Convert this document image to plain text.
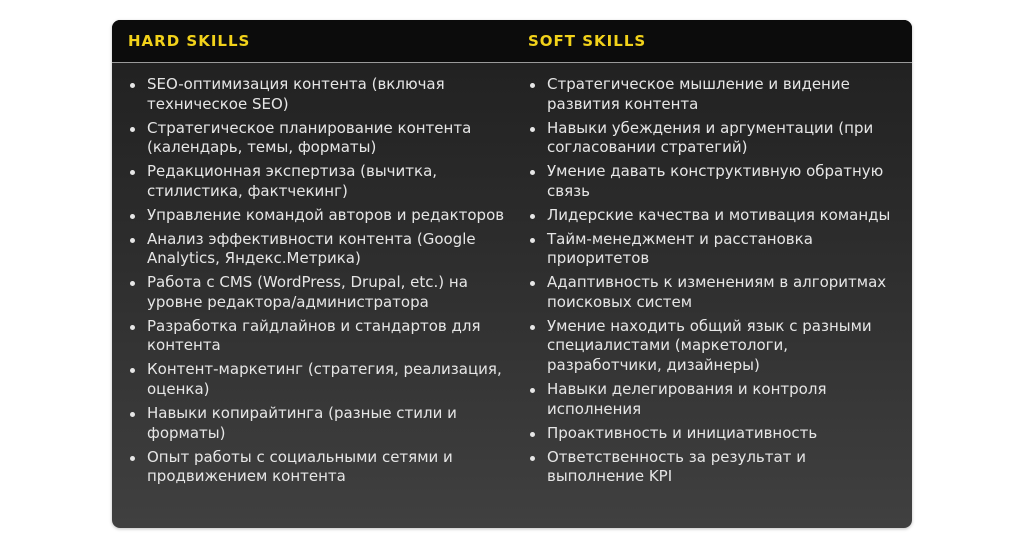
HARD SKILLS	SOFT SKILLS
SEO-оптимизация контента (включая техническое SEO)
Стратегическое планирование контента (календарь, темы, форматы)
Редакционная экспертиза (вычитка, стилистика, фактчекинг)
Управление командой авторов и редакторов
Анализ эффективности контента (Google Analytics, Яндекс.Метрика)
Работа с CMS (WordPress, Drupal, etc.) на уровне редактора/администратора
Разработка гайдлайнов и стандартов для контента
Контент-маркетинг (стратегия, реализация, оценка)
Навыки копирайтинга (разные стили и форматы)
Опыт работы с социальными сетями и продвижением контента
Стратегическое мышление и видение развития контента
Навыки убеждения и аргументации (при согласовании стратегий)
Умение давать конструктивную обратную связь
Лидерские качества и мотивация команды
Тайм-менеджмент и расстановка приоритетов
Адаптивность к изменениям в алгоритмах поисковых систем
Умение находить общий язык с разными специалистами (маркетологи, разработчики, дизайнеры)
Навыки делегирования и контроля исполнения
Проактивность и инициативность
Ответственность за результат и выполнение KPI
